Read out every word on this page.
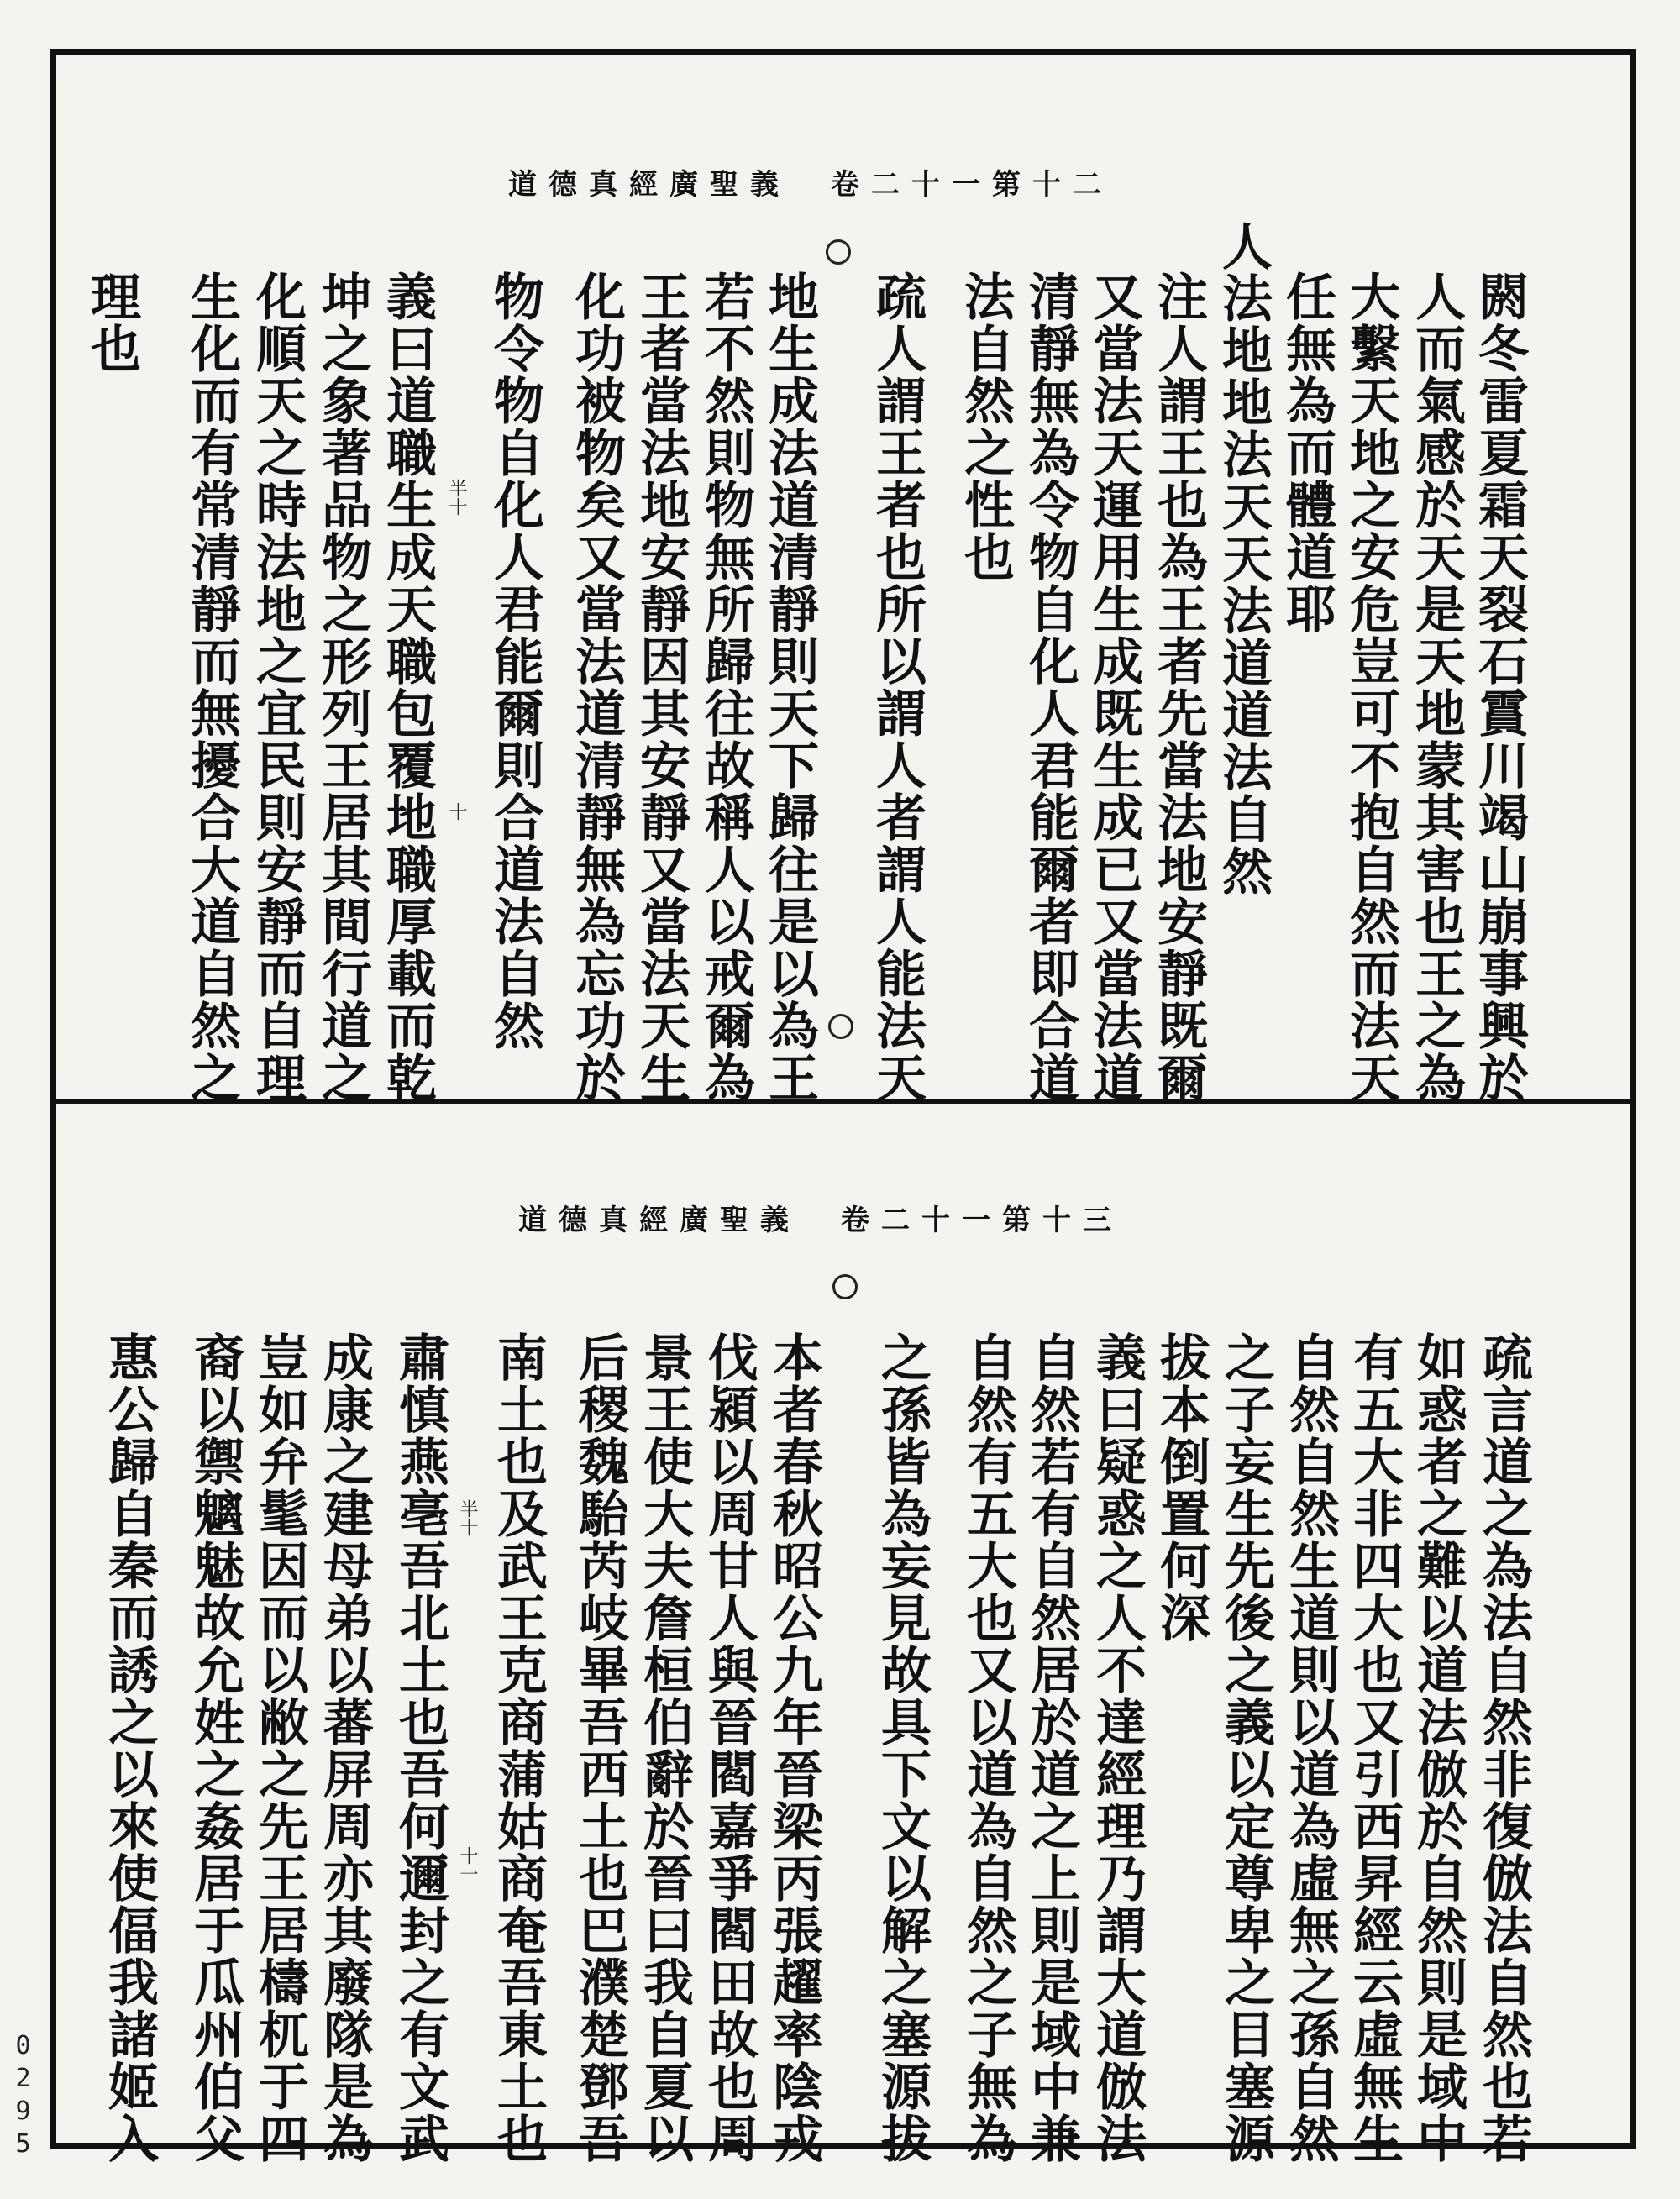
道德真經廣聖義　卷二十一第十二
閼冬雷夏霜天裂石霣川竭山崩事興於
人而氣感於天是天地蒙其害也王之為
大繫天地之安危豈可不抱自然而法天
任無為而體道耶
人法地地法天天法道道法自然
注人謂王也為王者先當法地安靜既爾
又當法天運用生成既生成已又當法道
清靜無為令物自化人君能爾者即合道
法自然之性也
疏人謂王者也所以謂人者謂人能法天
地生成法道清靜則天下歸往是以為王
若不然則物無所歸往故稱人以戒爾為
王者當法地安靜因其安靜又當法天生
化功被物矣又當法道清靜無為忘功於
物令物自化人君能爾則合道法自然
義曰道職生成天職包覆地職厚載而乾
坤之象著品物之形列王居其間行道之
化順天之時法地之宜民則安靜而自理
生化而有常清靜而無擾合大道自然之
理也
半十
十
道德真經廣聖義　卷二十一第十三
疏言道之為法自然非復倣法自然也若
如惑者之難以道法倣於自然則是域中
有五大非四大也又引西昇經云虛無生
自然自然生道則以道為虛無之孫自然
之子妄生先後之義以定尊卑之目塞源
拔本倒置何深
義曰疑惑之人不達經理乃謂大道倣法
自然若有自然居於道之上則是域中兼
自然有五大也又以道為自然之子無為
之孫皆為妄見故具下文以解之塞源拔
本者春秋昭公九年晉梁丙張趯率陰戎
伐潁以周甘人與晉閻嘉爭閻田故也周
景王使大夫詹桓伯辭於晉曰我自夏以
后稷魏駘芮岐畢吾西土也巴濮楚鄧吾
南土也及武王克商蒲姑商奄吾東土也
肅慎燕亳吾北土也吾何邇封之有文武
成康之建母弟以蕃屏周亦其廢隊是為
豈如弁髦因而以敝之先王居檮杌于四
裔以禦魑魅故允姓之姦居于瓜州伯父
惠公歸自秦而誘之以來使偪我諸姬入	半十
十一
0295
